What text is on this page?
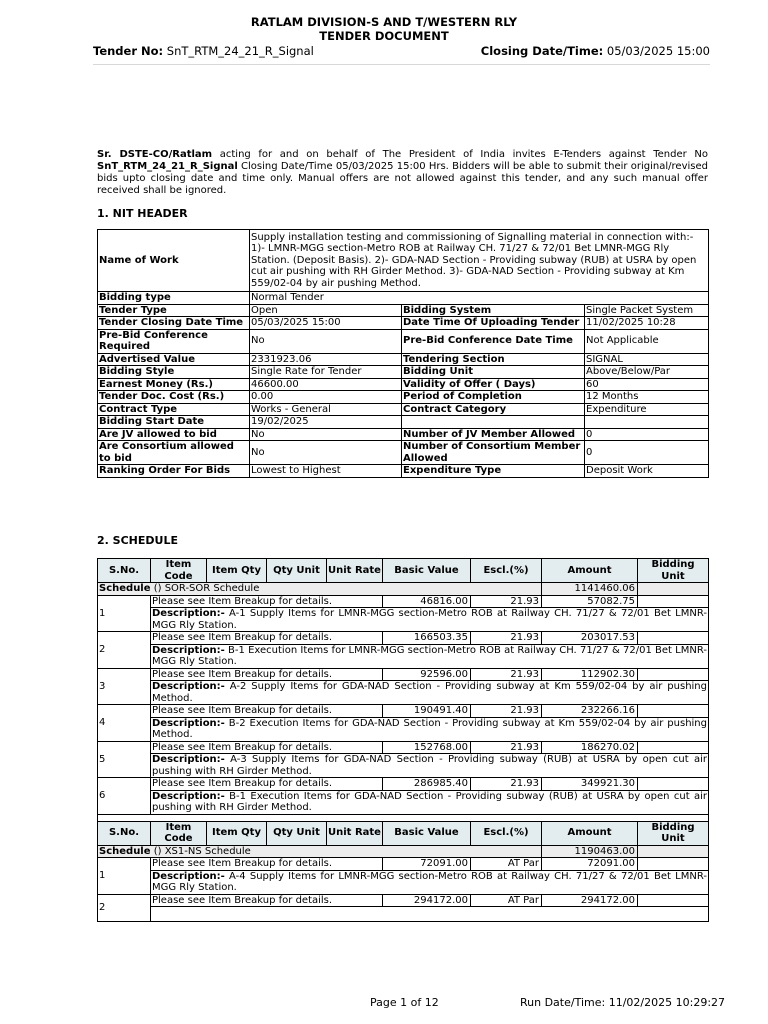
RATLAM DIVISION-S AND T/WESTERN RLY
TENDER DOCUMENT
Tender No: SnT_RTM_24_21_R_Signal	Closing Date/Time: 05/03/2025 15:00
Sr. DSTE-CO/Ratlam acting for and on behalf of The President of India invites E-Tenders against Tender No SnT_RTM_24_21_R_Signal Closing Date/Time 05/03/2025 15:00 Hrs. Bidders will be able to submit their original/revised bids upto closing date and time only. Manual offers are not allowed against this tender, and any such manual offer received shall be ignored.
1. NIT HEADER
Name of Work	Supply installation testing and commissioning of Signalling material in connection with:- 1)- LMNR-MGG section-Metro ROB at Railway CH. 71/27 & 72/01 Bet LMNR-MGG Rly Station. (Deposit Basis). 2)- GDA-NAD Section - Providing subway (RUB) at USRA by open cut air pushing with RH Girder Method. 3)- GDA-NAD Section - Providing subway at Km 559/02-04 by air pushing Method.		
Bidding type	Normal Tender		
Tender Type	Open	Bidding System	Single Packet System
Tender Closing Date Time	05/03/2025 15:00	Date Time Of Uploading Tender	11/02/2025 10:28
Pre-Bid Conference Required	No	Pre-Bid Conference Date Time	Not Applicable
Advertised Value	2331923.06	Tendering Section	SIGNAL
Bidding Style	Single Rate for Tender	Bidding Unit	Above/Below/Par
Earnest Money (Rs.)	46600.00	Validity of Offer ( Days)	60
Tender Doc. Cost (Rs.)	0.00	Period of Completion	12 Months
Contract Type	Works - General	Contract Category	Expenditure
Bidding Start Date	19/02/2025		
Are JV allowed to bid	No	Number of JV Member Allowed	0
Are Consortium allowed to bid	No	Number of Consortium Member Allowed	0
Ranking Order For Bids	Lowest to Highest	Expenditure Type	Deposit Work
2. SCHEDULE
S.No.	Item Code	Item Qty	Qty Unit	Unit Rate	Basic Value	Escl.(%)	Amount	Bidding Unit
Schedule () SOR-SOR Schedule							1141460.06	
1	Please see Item Breakup for details.				46816.00	21.93	57082.75	
	Description:- A-1 Supply Items for LMNR-MGG section-Metro ROB at Railway CH. 71/27 & 72/01 Bet LMNR-MGG Rly Station.							
2	Please see Item Breakup for details.				166503.35	21.93	203017.53	
	Description:- B-1 Execution Items for LMNR-MGG section-Metro ROB at Railway CH. 71/27 & 72/01 Bet LMNR-MGG Rly Station.							
3	Please see Item Breakup for details.				92596.00	21.93	112902.30	
	Description:- A-2 Supply Items for GDA-NAD Section - Providing subway at Km 559/02-04 by air pushing Method.							
4	Please see Item Breakup for details.				190491.40	21.93	232266.16	
	Description:- B-2 Execution Items for GDA-NAD Section - Providing subway at Km 559/02-04 by air pushing Method.							
5	Please see Item Breakup for details.				152768.00	21.93	186270.02	
	Description:- A-3 Supply Items for GDA-NAD Section - Providing subway (RUB) at USRA by open cut air pushing with RH Girder Method.							
6	Please see Item Breakup for details.				286985.40	21.93	349921.30	
	Description:- B-1 Execution Items for GDA-NAD Section - Providing subway (RUB) at USRA by open cut air pushing with RH Girder Method.							

S.No.	Item Code	Item Qty	Qty Unit	Unit Rate	Basic Value	Escl.(%)	Amount	Bidding Unit
Schedule () XS1-NS Schedule							1190463.00	
1	Please see Item Breakup for details.				72091.00	AT Par	72091.00	
	Description:- A-4 Supply Items for LMNR-MGG section-Metro ROB at Railway CH. 71/27 & 72/01 Bet LMNR-MGG Rly Station.							
2	Please see Item Breakup for details.				294172.00	AT Par	294172.00	

Page 1 of 12	Run Date/Time: 11/02/2025 10:29:27
